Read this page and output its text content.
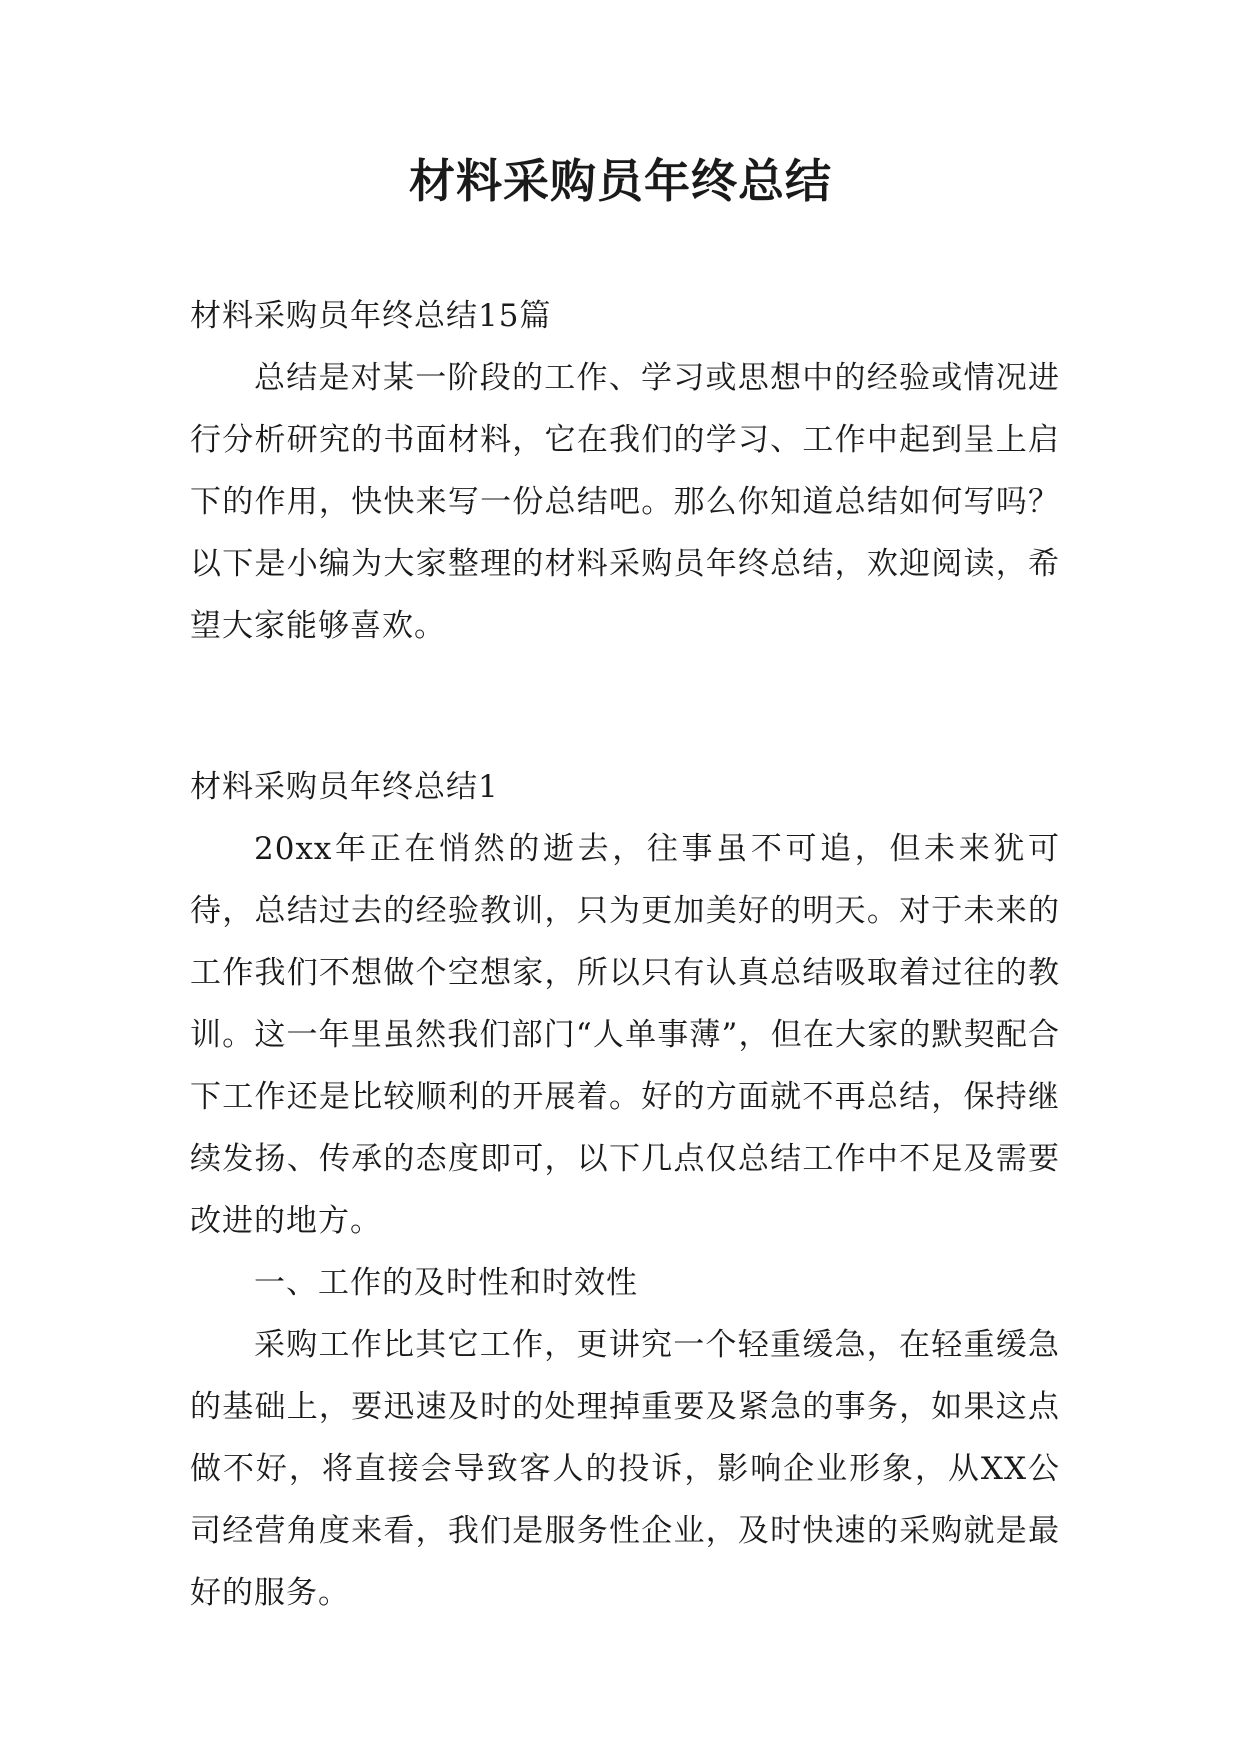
材料采购员年终总结

材料采购员年终总结15篇

总结是对某一阶段的工作、学习或思想中的经验或情况进行分析研究的书面材料，它在我们的学习、工作中起到呈上启下的作用，快快来写一份总结吧。那么你知道总结如何写吗？以下是小编为大家整理的材料采购员年终总结，欢迎阅读，希望大家能够喜欢。

材料采购员年终总结1

20xx年正在悄然的逝去，往事虽不可追，但未来犹可待，总结过去的经验教训，只为更加美好的明天。对于未来的工作我们不想做个空想家，所以只有认真总结吸取着过往的教训。这一年里虽然我们部门“人单事薄”，但在大家的默契配合下工作还是比较顺利的开展着。好的方面就不再总结，保持继续发扬、传承的态度即可，以下几点仅总结工作中不足及需要改进的地方。

一、工作的及时性和时效性

采购工作比其它工作，更讲究一个轻重缓急，在轻重缓急的基础上，要迅速及时的处理掉重要及紧急的事务，如果这点做不好，将直接会导致客人的投诉，影响企业形象，从XX公司经营角度来看，我们是服务性企业，及时快速的采购就是最好的服务。
